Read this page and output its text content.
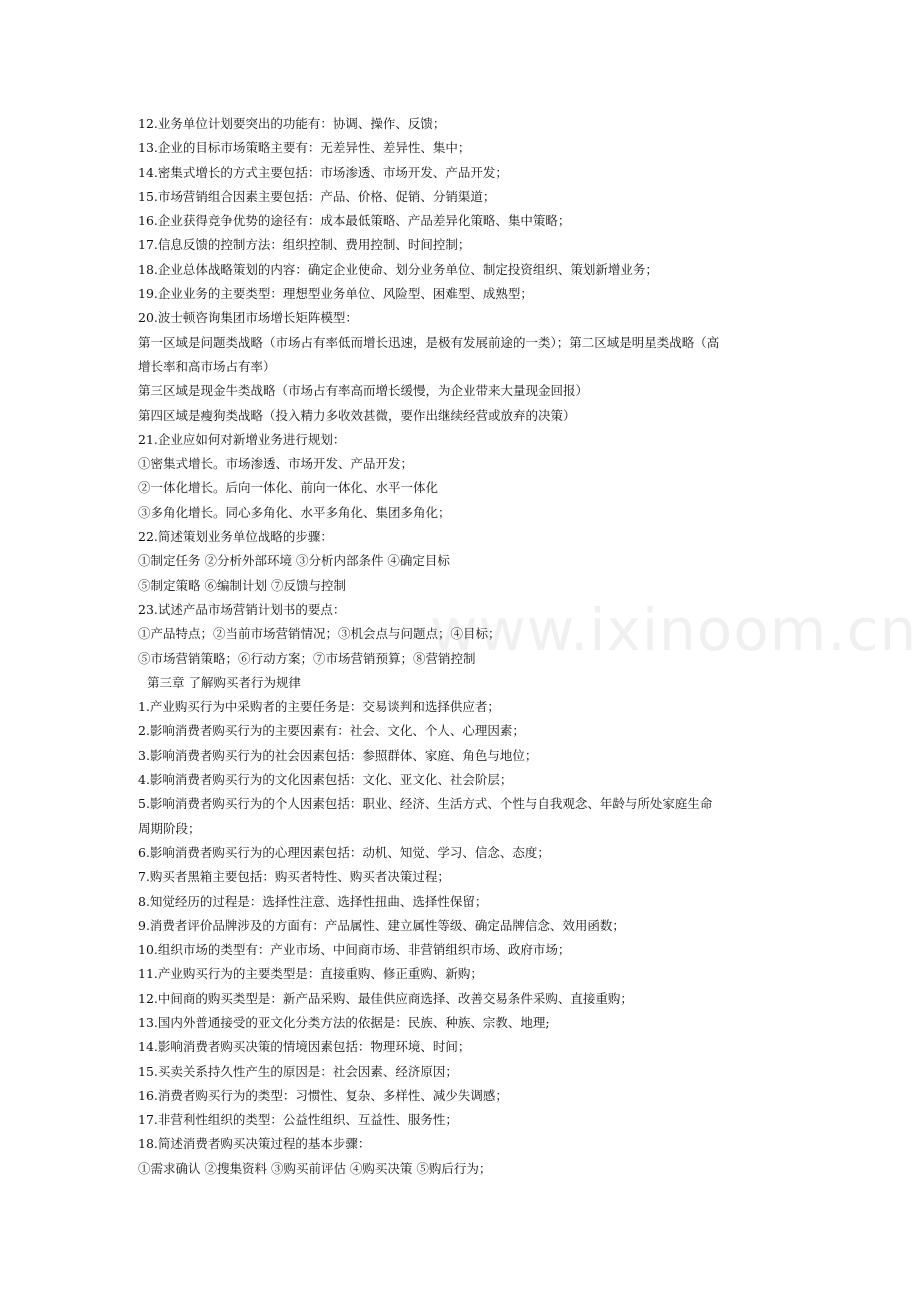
www.ixinoom.cn
12.业务单位计划要突出的功能有：协调、操作、反馈；
13.企业的目标市场策略主要有：无差异性、差异性、集中；
14.密集式增长的方式主要包括：市场渗透、市场开发、产品开发；
15.市场营销组合因素主要包括：产品、价格、促销、分销渠道；
16.企业获得竞争优势的途径有：成本最低策略、产品差异化策略、集中策略；
17.信息反馈的控制方法：组织控制、费用控制、时间控制；
18.企业总体战略策划的内容：确定企业使命、划分业务单位、制定投资组织、策划新增业务；
19.企业业务的主要类型：理想型业务单位、风险型、困难型、成熟型；
20.波士顿咨询集团市场增长矩阵模型：
第一区域是问题类战略（市场占有率低而增长迅速，是极有发展前途的一类）；第二区域是明星类战略（高
增长率和高市场占有率）
第三区域是现金牛类战略（市场占有率高而增长缓慢，为企业带来大量现金回报）
第四区域是瘦狗类战略（投入精力多收效甚微，要作出继续经营或放弃的决策）
21.企业应如何对新增业务进行规划：
①密集式增长。市场渗透、市场开发、产品开发；
②一体化增长。后向一体化、前向一体化、水平一体化
③多角化增长。同心多角化、水平多角化、集团多角化；
22.简述策划业务单位战略的步骤：
①制定任务 ②分析外部环境 ③分析内部条件 ④确定目标
⑤制定策略 ⑥编制计划 ⑦反馈与控制
23.试述产品市场营销计划书的要点：
①产品特点；②当前市场营销情况；③机会点与问题点；④目标；
⑤市场营销策略；⑥行动方案；⑦市场营销预算；⑧营销控制
第三章 了解购买者行为规律
1.产业购买行为中采购者的主要任务是：交易谈判和选择供应者；
2.影响消费者购买行为的主要因素有：社会、文化、个人、心理因素；
3.影响消费者购买行为的社会因素包括：参照群体、家庭、角色与地位；
4.影响消费者购买行为的文化因素包括：文化、亚文化、社会阶层；
5.影响消费者购买行为的个人因素包括：职业、经济、生活方式、个性与自我观念、年龄与所处家庭生命
周期阶段；
6.影响消费者购买行为的心理因素包括：动机、知觉、学习、信念、态度；
7.购买者黑箱主要包括：购买者特性、购买者决策过程；
8.知觉经历的过程是：选择性注意、选择性扭曲、选择性保留；
9.消费者评价品牌涉及的方面有：产品属性、建立属性等级、确定品牌信念、效用函数；
10.组织市场的类型有：产业市场、中间商市场、非营销组织市场、政府市场；
11.产业购买行为的主要类型是：直接重购、修正重购、新购；
12.中间商的购买类型是：新产品采购、最佳供应商选择、改善交易条件采购、直接重购；
13.国内外普通接受的亚文化分类方法的依据是：民族、种族、宗教、地理;
14.影响消费者购买决策的情境因素包括：物理环境、时间；
15.买卖关系持久性产生的原因是：社会因素、经济原因；
16.消费者购买行为的类型：习惯性、复杂、多样性、减少失调感；
17.非营利性组织的类型：公益性组织、互益性、服务性；
18.简述消费者购买决策过程的基本步骤：
①需求确认 ②搜集资料 ③购买前评估 ④购买决策 ⑤购后行为；
